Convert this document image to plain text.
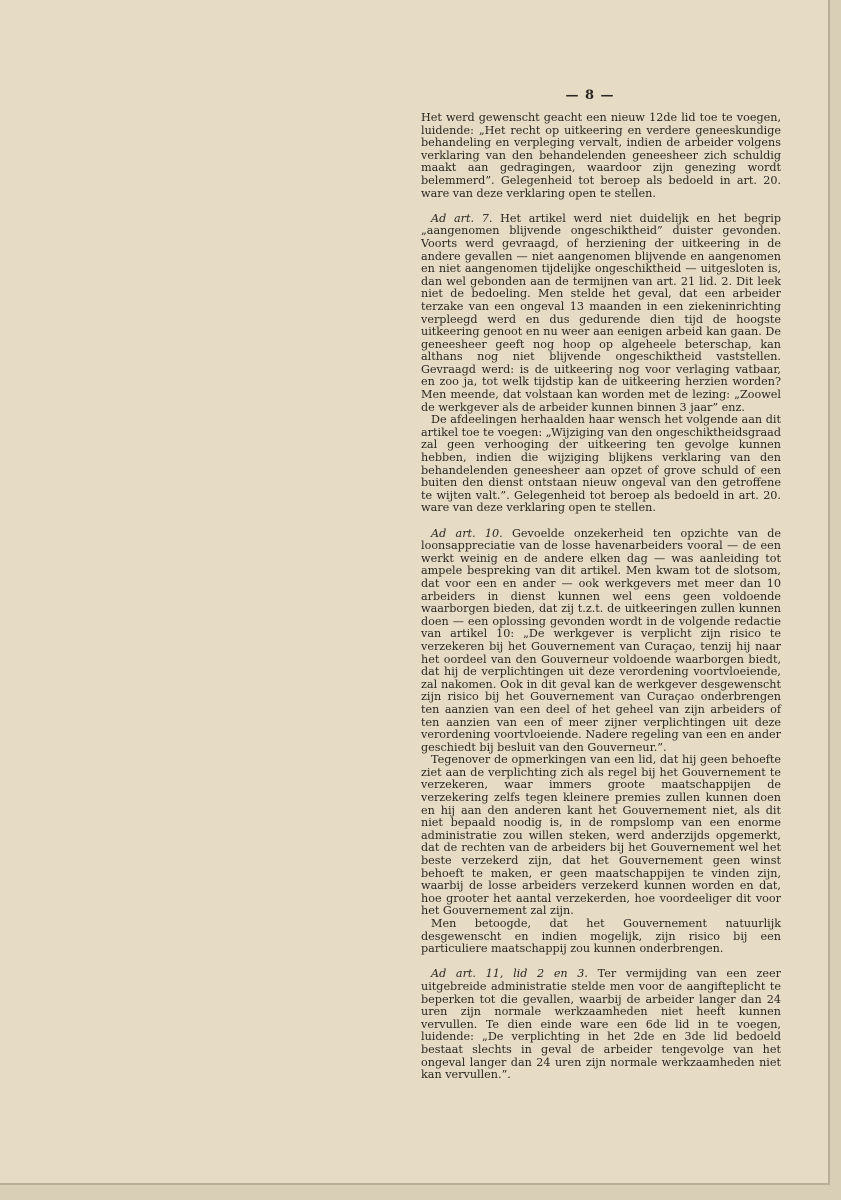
— 8 —

Het werd gewenscht geacht een nieuw 12de lid toe te voegen, luidende: „Het recht op uitkeering en verdere geneeskundige behandeling en verpleging vervalt, indien de arbeider volgens verklaring van den behandelenden geneesheer zich schuldig maakt aan gedragingen, waardoor zijn genezing wordt belemmerd”. Gelegenheid tot beroep als bedoeld in art. 20. ware van deze verklaring open te stellen.

Ad art. 7. Het artikel werd niet duidelijk en het begrip „aangenomen blijvende ongeschiktheid” duister gevonden. Voorts werd gevraagd, of herziening der uitkeering in de andere gevallen — niet aangenomen blijvende en aangenomen en niet aangenomen tijdelijke ongeschiktheid — uitgesloten is, dan wel gebonden aan de termijnen van art. 21 lid. 2. Dit leek niet de bedoeling. Men stelde het geval, dat een arbeider terzake van een ongeval 13 maanden in een ziekeninrichting verpleegd werd en dus gedurende dien tijd de hoogste uitkeering genoot en nu weer aan eenigen arbeid kan gaan. De geneesheer geeft nog hoop op algeheele beterschap, kan althans nog niet blijvende ongeschiktheid vaststellen. Gevraagd werd: is de uitkeering nog voor verlaging vatbaar, en zoo ja, tot welk tijdstip kan de uitkeering herzien worden? Men meende, dat volstaan kan worden met de lezing: „Zoowel de werkgever als de arbeider kunnen binnen 3 jaar” enz.

De afdeelingen herhaalden haar wensch het volgende aan dit artikel toe te voegen: „Wijziging van den ongeschiktheidsgraad zal geen verhooging der uitkeering ten gevolge kunnen hebben, indien die wijziging blijkens verklaring van den behandelenden geneesheer aan opzet of grove schuld of een buiten den dienst ontstaan nieuw ongeval van den getroffene te wijten valt.”. Gelegenheid tot beroep als bedoeld in art. 20. ware van deze verklaring open te stellen.

Ad art. 10. Gevoelde onzekerheid ten opzichte van de loonsappreciatie van de losse havenarbeiders vooral — de een werkt weinig en de andere elken dag — was aanleiding tot ampele bespreking van dit artikel. Men kwam tot de slotsom, dat voor een en ander — ook werkgevers met meer dan 10 arbeiders in dienst kunnen wel eens geen voldoende waarborgen bieden, dat zij t.z.t. de uitkeeringen zullen kunnen doen — een oplossing gevonden wordt in de volgende redactie van artikel 10: „De werkgever is verplicht zijn risico te verzekeren bij het Gouvernement van Curaçao, tenzij hij naar het oordeel van den Gouverneur voldoende waarborgen biedt, dat hij de verplichtingen uit deze verordening voortvloeiende, zal nakomen. Ook in dit geval kan de werkgever desgewenscht zijn risico bij het Gouvernement van Curaçao onderbrengen ten aanzien van een deel of het geheel van zijn arbeiders of ten aanzien van een of meer zijner verplichtingen uit deze verordening voortvloeiende. Nadere regeling van een en ander geschiedt bij besluit van den Gouverneur.”.

Tegenover de opmerkingen van een lid, dat hij geen behoefte ziet aan de verplichting zich als regel bij het Gouvernement te verzekeren, waar immers groote maatschappijen de verzekering zelfs tegen kleinere premies zullen kunnen doen en hij aan den anderen kant het Gouvernement niet, als dit niet bepaald noodig is, in de rompslomp van een enorme administratie zou willen steken, werd anderzijds opgemerkt, dat de rechten van de arbeiders bij het Gouvernement wel het beste verzekerd zijn, dat het Gouvernement geen winst behoeft te maken, er geen maatschappijen te vinden zijn, waarbij de losse arbeiders verzekerd kunnen worden en dat, hoe grooter het aantal verzekerden, hoe voordeeliger dit voor het Gouvernement zal zijn.

Men betoogde, dat het Gouvernement natuurlijk desgewenscht en indien mogelijk, zijn risico bij een particuliere maatschappij zou kunnen onderbrengen.

Ad art. 11, lid 2 en 3. Ter vermijding van een zeer uitgebreide administratie stelde men voor de aangifteplicht te beperken tot die gevallen, waarbij de arbeider langer dan 24 uren zijn normale werkzaamheden niet heeft kunnen vervullen. Te dien einde ware een 6de lid in te voegen, luidende: „De verplichting in het 2de en 3de lid bedoeld bestaat slechts in geval de arbeider tengevolge van het ongeval langer dan 24 uren zijn normale werkzaamheden niet kan vervullen.”.
